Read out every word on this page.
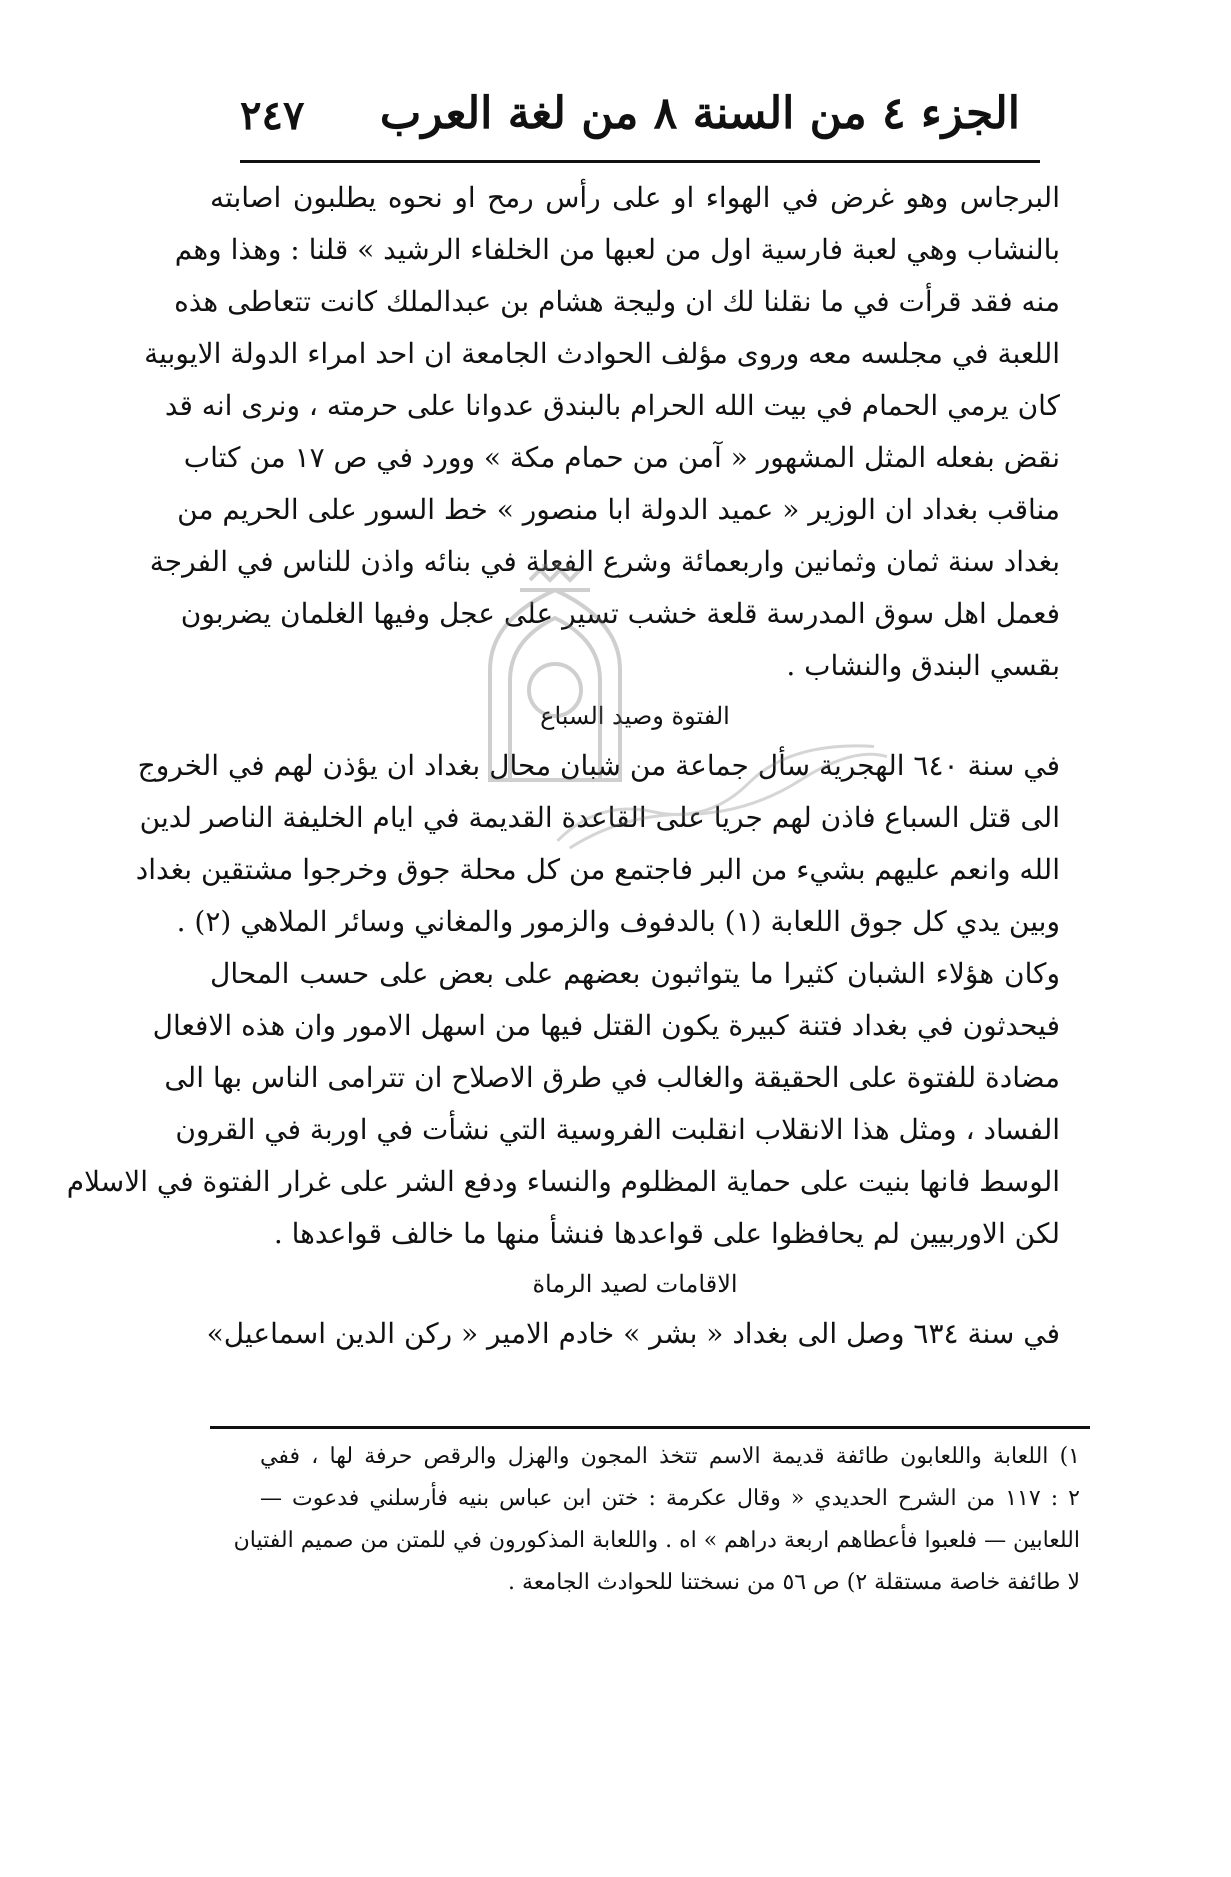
الجزء ٤ من السنة ٨ من لغة العرب
٢٤٧
البرجاس وهو غرض في الهواء او على رأس رمح او نحوه يطلبون اصابته
بالنشاب وهي لعبة فارسية اول من لعبها من الخلفاء الرشيد » قلنا : وهذا وهم
منه فقد قرأت في ما نقلنا لك ان وليجة هشام بن عبدالملك كانت تتعاطى هذه
اللعبة في مجلسه معه وروى مؤلف الحوادث الجامعة ان احد امراء الدولة الايوبية
كان يرمي الحمام في بيت الله الحرام بالبندق عدوانا على حرمته ، ونرى انه قد
نقض بفعله المثل المشهور « آمن من حمام مكة » وورد في ص ١٧ من كتاب
مناقب بغداد ان الوزير « عميد الدولة ابا منصور » خط السور على الحريم من
بغداد سنة ثمان وثمانين واربعمائة وشرع الفعلة في بنائه واذن للناس في الفرجة
فعمل اهل سوق المدرسة قلعة خشب تسير على عجل وفيها الغلمان يضربون
بقسي البندق والنشاب .
الفتوة وصيد السباع
في سنة ٦٤٠ الهجرية سأل جماعة من شبان محال بغداد ان يؤذن لهم في الخروج
الى قتل السباع فاذن لهم جريا على القاعدة القديمة في ايام الخليفة الناصر لدين
الله وانعم عليهم بشيء من البر فاجتمع من كل محلة جوق وخرجوا مشتقين بغداد
وبين يدي كل جوق اللعابة (١) بالدفوف والزمور والمغاني وسائر الملاهي (٢) .
وكان هؤلاء الشبان كثيرا ما يتواثبون بعضهم على بعض على حسب المحال
فيحدثون في بغداد فتنة كبيرة يكون القتل فيها من اسهل الامور وان هذه الافعال
مضادة للفتوة على الحقيقة والغالب في طرق الاصلاح ان تترامى الناس بها الى
الفساد ، ومثل هذا الانقلاب انقلبت الفروسية التي نشأت في اوربة في القرون
الوسط فانها بنيت على حماية المظلوم والنساء ودفع الشر على غرار الفتوة في الاسلام
لكن الاوربيين لم يحافظوا على قواعدها فنشأ منها ما خالف قواعدها .
الاقامات لصيد الرماة
في سنة ٦٣٤ وصل الى بغداد « بشر » خادم الامير « ركن الدين اسماعيل»
١) اللعابة واللعابون طائفة قديمة الاسم تتخذ المجون والهزل والرقص حرفة لها ، ففي
٢ : ١١٧ من الشرح الحديدي « وقال عكرمة : ختن ابن عباس بنيه فأرسلني فدعوت —
اللعابين — فلعبوا فأعطاهم اربعة دراهم » اه . واللعابة المذكورون في للمتن من صميم الفتيان
لا طائفة خاصة مستقلة ٢) ص ٥٦ من نسختنا للحوادث الجامعة .
